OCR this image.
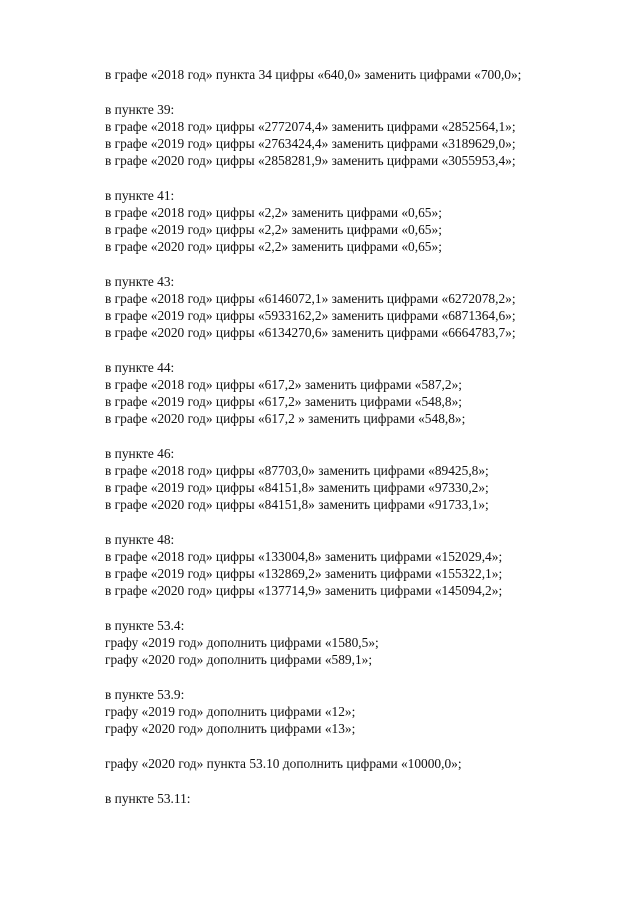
в графе «2018 год» пункта 34 цифры «640,0» заменить цифрами «700,0»;
в пункте 39:
в графе «2018 год» цифры «2772074,4» заменить цифрами «2852564,1»;
в графе «2019 год» цифры «2763424,4» заменить цифрами «3189629,0»;
в графе «2020 год» цифры «2858281,9» заменить цифрами «3055953,4»;
в пункте 41:
в графе «2018 год» цифры «2,2» заменить цифрами «0,65»;
в графе «2019 год» цифры «2,2» заменить цифрами «0,65»;
в графе «2020 год» цифры «2,2» заменить цифрами «0,65»;
в пункте 43:
в графе «2018 год» цифры «6146072,1» заменить цифрами «6272078,2»;
в графе «2019 год» цифры «5933162,2» заменить цифрами «6871364,6»;
в графе «2020 год» цифры «6134270,6» заменить цифрами «6664783,7»;
в пункте 44:
в графе «2018 год» цифры «617,2» заменить цифрами «587,2»;
в графе «2019 год» цифры «617,2» заменить цифрами «548,8»;
в графе «2020 год» цифры «617,2 » заменить цифрами «548,8»;
в пункте 46:
в графе «2018 год» цифры «87703,0» заменить цифрами «89425,8»;
в графе «2019 год» цифры «84151,8» заменить цифрами «97330,2»;
в графе «2020 год» цифры «84151,8» заменить цифрами «91733,1»;
в пункте 48:
в графе «2018 год» цифры «133004,8» заменить цифрами «152029,4»;
в графе «2019 год» цифры «132869,2» заменить цифрами «155322,1»;
в графе «2020 год» цифры «137714,9» заменить цифрами «145094,2»;
в пункте 53.4:
графу «2019 год» дополнить цифрами «1580,5»;
графу «2020 год» дополнить цифрами «589,1»;
в пункте 53.9:
графу «2019 год» дополнить цифрами «12»;
графу «2020 год» дополнить цифрами «13»;
графу «2020 год» пункта 53.10 дополнить цифрами «10000,0»;
в пункте 53.11:
